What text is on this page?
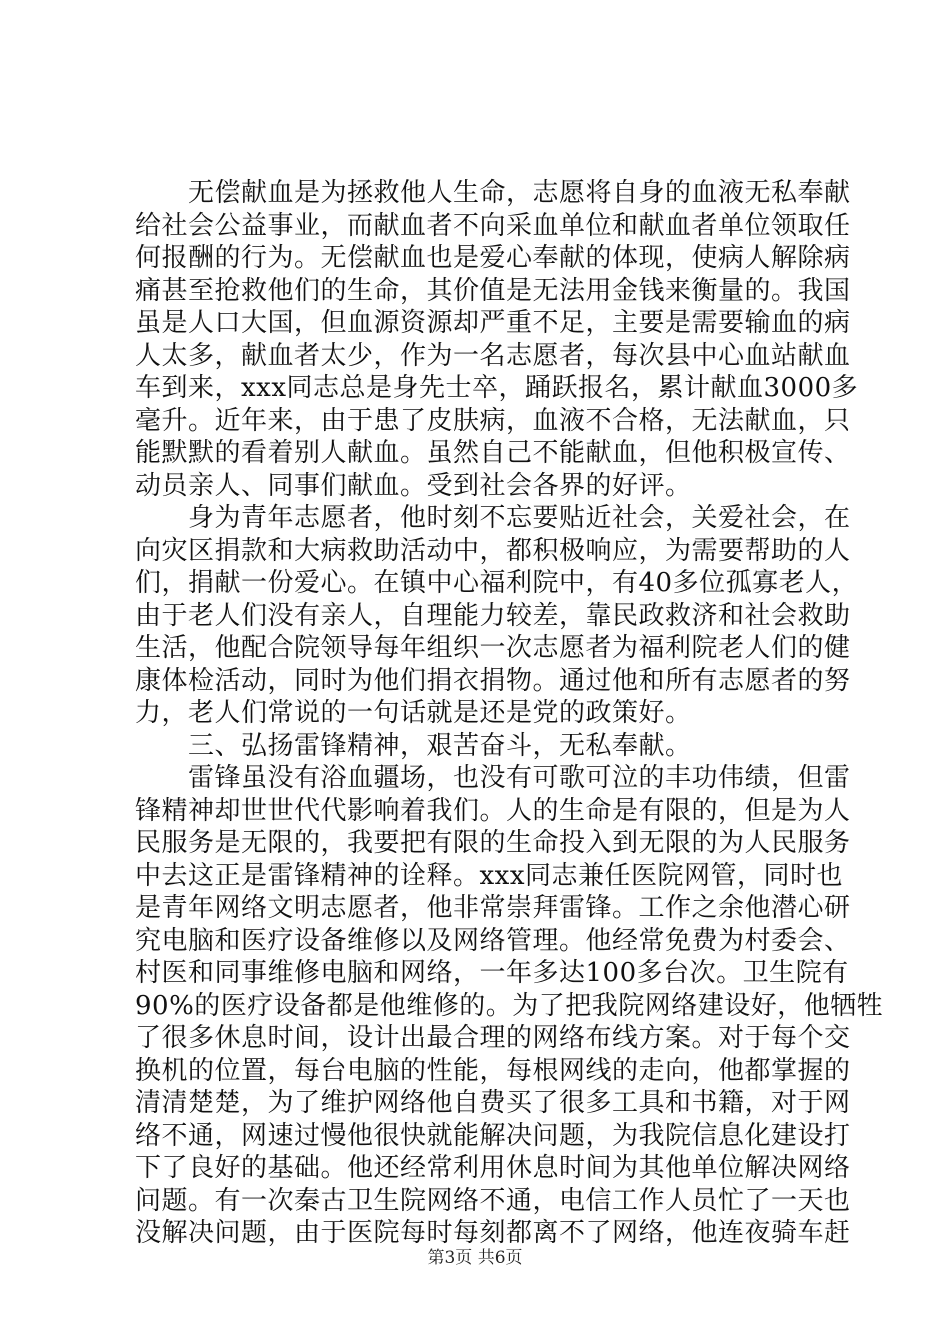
　　无偿献血是为拯救他人生命，志愿将自身的血液无私奉献
给社会公益事业，而献血者不向采血单位和献血者单位领取任
何报酬的行为。无偿献血也是爱心奉献的体现，使病人解除病
痛甚至抢救他们的生命，其价值是无法用金钱来衡量的。我国
虽是人口大国，但血源资源却严重不足，主要是需要输血的病
人太多，献血者太少，作为一名志愿者，每次县中心血站献血
车到来，xxx同志总是身先士卒，踊跃报名，累计献血3000多
毫升。近年来，由于患了皮肤病，血液不合格，无法献血，只
能默默的看着别人献血。虽然自己不能献血，但他积极宣传、
动员亲人、同事们献血。受到社会各界的好评。
　　身为青年志愿者，他时刻不忘要贴近社会，关爱社会，在
向灾区捐款和大病救助活动中，都积极响应，为需要帮助的人
们，捐献一份爱心。在镇中心福利院中，有40多位孤寡老人，
由于老人们没有亲人，自理能力较差，靠民政救济和社会救助
生活，他配合院领导每年组织一次志愿者为福利院老人们的健
康体检活动，同时为他们捐衣捐物。通过他和所有志愿者的努
力，老人们常说的一句话就是还是党的政策好。
　　三、弘扬雷锋精神，艰苦奋斗，无私奉献。
　　雷锋虽没有浴血疆场，也没有可歌可泣的丰功伟绩，但雷
锋精神却世世代代影响着我们。人的生命是有限的，但是为人
民服务是无限的，我要把有限的生命投入到无限的为人民服务
中去这正是雷锋精神的诠释。xxx同志兼任医院网管，同时也
是青年网络文明志愿者，他非常崇拜雷锋。工作之余他潜心研
究电脑和医疗设备维修以及网络管理。他经常免费为村委会、
村医和同事维修电脑和网络，一年多达100多台次。卫生院有
90%的医疗设备都是他维修的。为了把我院网络建设好，他牺牲
了很多休息时间，设计出最合理的网络布线方案。对于每个交
换机的位置，每台电脑的性能，每根网线的走向，他都掌握的
清清楚楚，为了维护网络他自费买了很多工具和书籍，对于网
络不通，网速过慢他很快就能解决问题，为我院信息化建设打
下了良好的基础。他还经常利用休息时间为其他单位解决网络
问题。有一次秦古卫生院网络不通，电信工作人员忙了一天也
没解决问题，由于医院每时每刻都离不了网络，他连夜骑车赶
第3页 共6页
